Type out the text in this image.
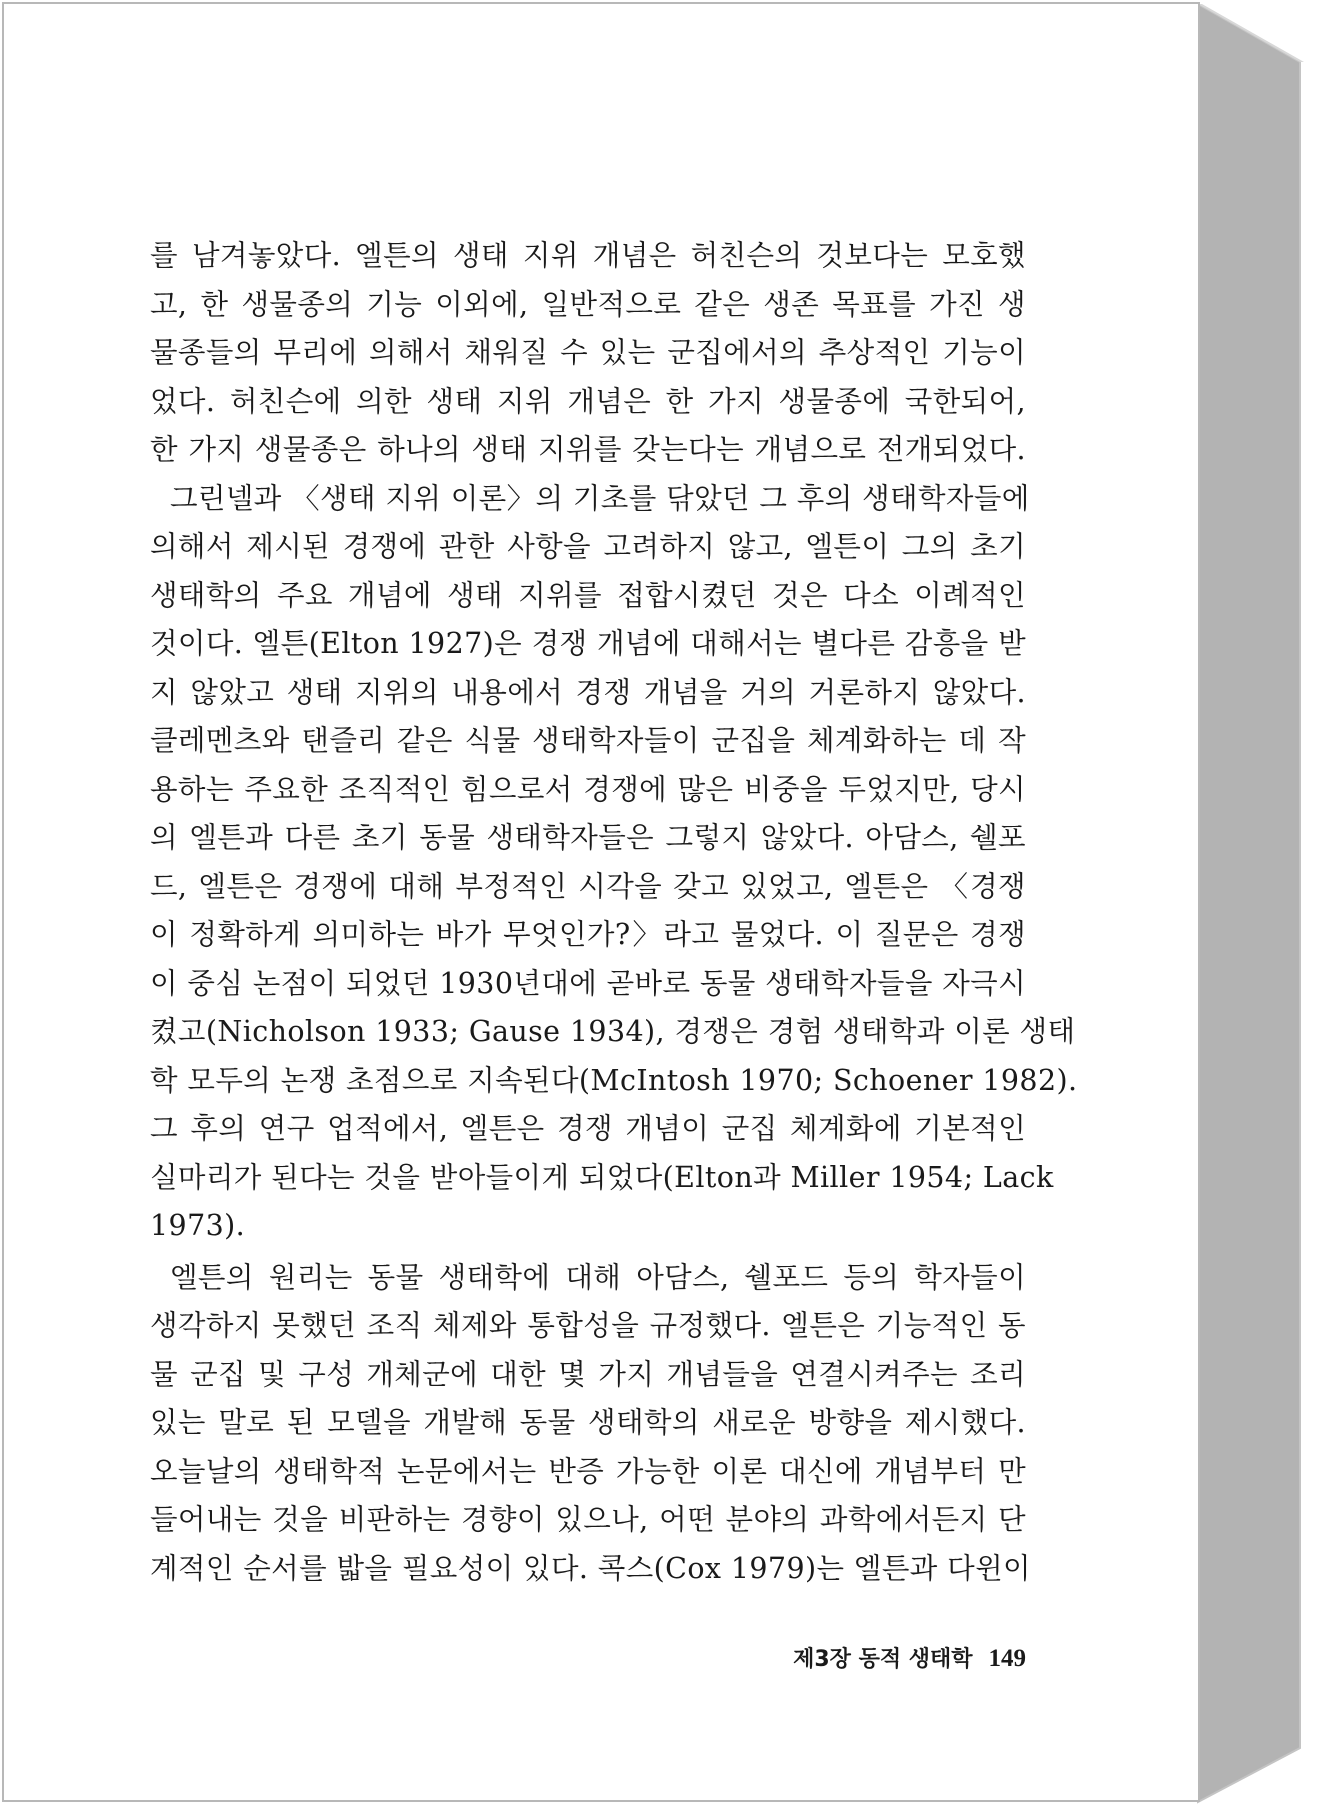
를 남겨놓았다. 엘튼의 생태 지위 개념은 허친슨의 것보다는 모호했
고, 한 생물종의 기능 이외에, 일반적으로 같은 생존 목표를 가진 생
물종들의 무리에 의해서 채워질 수 있는 군집에서의 추상적인 기능이
었다. 허친슨에 의한 생태 지위 개념은 한 가지 생물종에 국한되어,
한 가지 생물종은 하나의 생태 지위를 갖는다는 개념으로 전개되었다.
그린넬과 〈생태 지위 이론〉의 기초를 닦았던 그 후의 생태학자들에
의해서 제시된 경쟁에 관한 사항을 고려하지 않고, 엘튼이 그의 초기
생태학의 주요 개념에 생태 지위를 접합시켰던 것은 다소 이례적인
것이다. 엘튼(Elton 1927)은 경쟁 개념에 대해서는 별다른 감흥을 받
지 않았고 생태 지위의 내용에서 경쟁 개념을 거의 거론하지 않았다.
클레멘츠와 탠즐리 같은 식물 생태학자들이 군집을 체계화하는 데 작
용하는 주요한 조직적인 힘으로서 경쟁에 많은 비중을 두었지만, 당시
의 엘튼과 다른 초기 동물 생태학자들은 그렇지 않았다. 아담스, 쉘포
드, 엘튼은 경쟁에 대해 부정적인 시각을 갖고 있었고, 엘튼은 〈경쟁
이 정확하게 의미하는 바가 무엇인가?〉라고 물었다. 이 질문은 경쟁
이 중심 논점이 되었던 1930년대에 곧바로 동물 생태학자들을 자극시
켰고(Nicholson 1933; Gause 1934), 경쟁은 경험 생태학과 이론 생태
학 모두의 논쟁 초점으로 지속된다(McIntosh 1970; Schoener 1982).
그 후의 연구 업적에서, 엘튼은 경쟁 개념이 군집 체계화에 기본적인
실마리가 된다는 것을 받아들이게 되었다(Elton과 Miller 1954; Lack
1973).
엘튼의 원리는 동물 생태학에 대해 아담스, 쉘포드 등의 학자들이
생각하지 못했던 조직 체제와 통합성을 규정했다. 엘튼은 기능적인 동
물 군집 및 구성 개체군에 대한 몇 가지 개념들을 연결시켜주는 조리
있는 말로 된 모델을 개발해 동물 생태학의 새로운 방향을 제시했다.
오늘날의 생태학적 논문에서는 반증 가능한 이론 대신에 개념부터 만
들어내는 것을 비판하는 경향이 있으나, 어떤 분야의 과학에서든지 단
계적인 순서를 밟을 필요성이 있다. 콕스(Cox 1979)는 엘튼과 다윈이
제3장 동적 생태학 149
